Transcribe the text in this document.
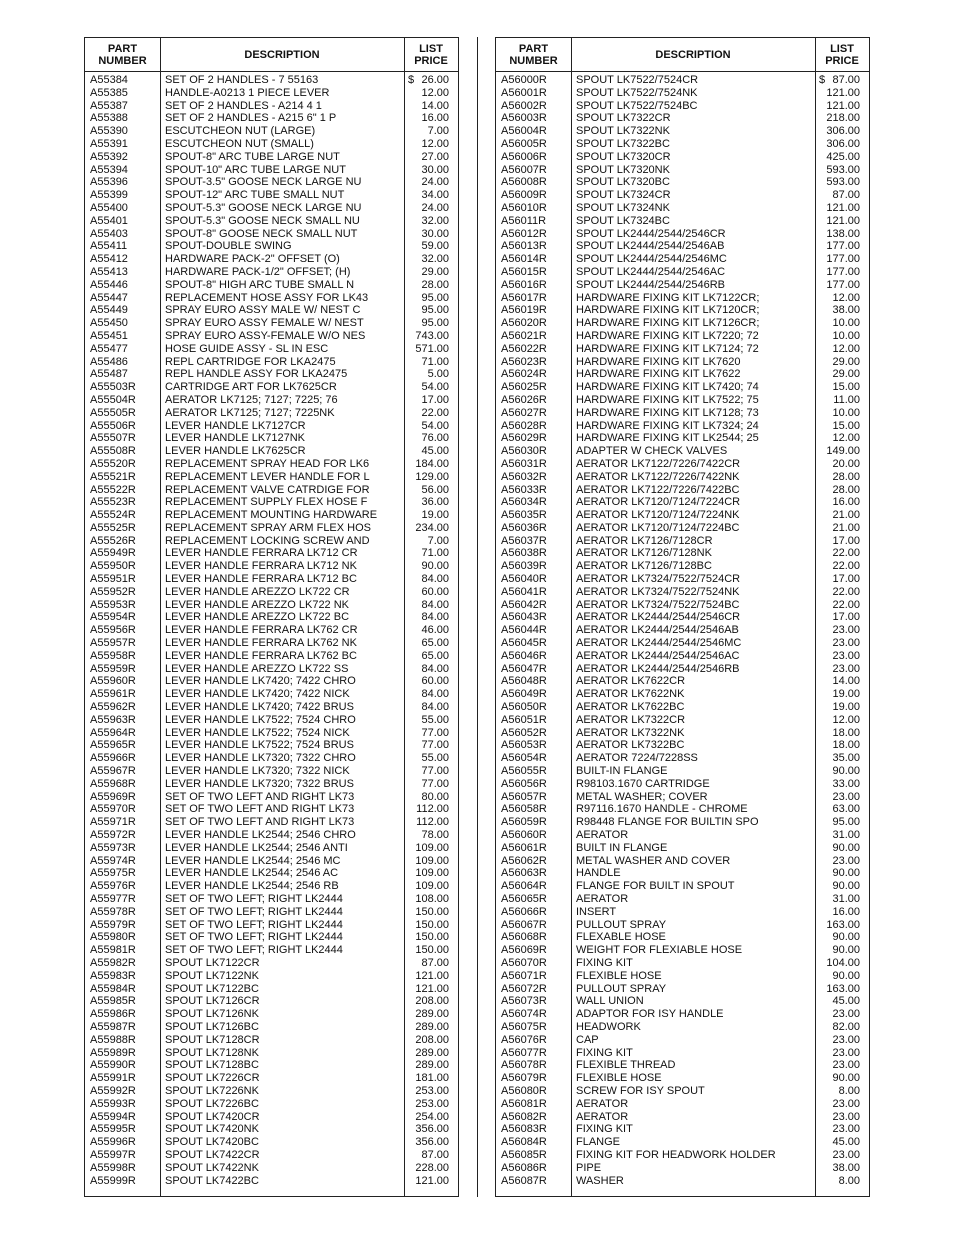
PART NUMBER	DESCRIPTION	LIST PRICE
A55384	SET OF 2 HANDLES - 7 55163	26.00
$
A55385	HANDLE-A0213 1 PIECE LEVER	12.00
A55387	SET OF 2 HANDLES - A214 4 1	14.00
A55388	SET OF 2 HANDLES - A215 6" 1 P	16.00
A55390	ESCUTCHEON NUT (LARGE)	7.00
A55391	ESCUTCHEON NUT (SMALL)	12.00
A55392	SPOUT-8" ARC TUBE LARGE NUT	27.00
A55394	SPOUT-10" ARC TUBE LARGE NUT	30.00
A55396	SPOUT-3.5" GOOSE NECK LARGE NU	24.00
A55399	SPOUT-12" ARC TUBE SMALL NUT	34.00
A55400	SPOUT-5.3" GOOSE NECK LARGE NU	24.00
A55401	SPOUT-5.3" GOOSE NECK SMALL NU	32.00
A55403	SPOUT-8" GOOSE NECK SMALL NUT	30.00
A55411	SPOUT-DOUBLE SWING	59.00
A55412	HARDWARE PACK-2" OFFSET (O)	32.00
A55413	HARDWARE PACK-1/2" OFFSET; (H)	29.00
A55446	SPOUT-8" HIGH ARC TUBE SMALL N	28.00
A55447	REPLACEMENT HOSE ASSY FOR LK43	95.00
A55449	SPRAY EURO ASSY MALE W/ NEST C	95.00
A55450	SPRAY EURO ASSY FEMALE W/ NEST	95.00
A55451	SPRAY EURO ASSY-FEMALE W/O NES	743.00
A55477	HOSE GUIDE ASSY - SL IN ESC	571.00
A55486	REPL CARTRIDGE FOR LKA2475	71.00
A55487	REPL HANDLE ASSY FOR LKA2475	5.00
A55503R	CARTRIDGE ART FOR LK7625CR	54.00
A55504R	AERATOR LK7125; 7127; 7225; 76	17.00
A55505R	AERATOR LK7125; 7127; 7225NK	22.00
A55506R	LEVER HANDLE LK7127CR	54.00
A55507R	LEVER HANDLE LK7127NK	76.00
A55508R	LEVER HANDLE LK7625CR	45.00
A55520R	REPLACEMENT SPRAY HEAD FOR LK6	184.00
A55521R	REPLACEMENT LEVER HANDLE FOR L	129.00
A55522R	REPLACEMENT VALVE CATRDIGE FOR	56.00
A55523R	REPLACEMENT SUPPLY FLEX HOSE F	36.00
A55524R	REPLACEMENT MOUNTING HARDWARE	19.00
A55525R	REPLACEMENT SPRAY ARM FLEX HOS	234.00
A55526R	REPLACEMENT LOCKING SCREW AND	7.00
A55949R	LEVER HANDLE FERRARA LK712 CR	71.00
A55950R	LEVER HANDLE FERRARA LK712 NK	90.00
A55951R	LEVER HANDLE FERRARA LK712 BC	84.00
A55952R	LEVER HANDLE AREZZO LK722 CR	60.00
A55953R	LEVER HANDLE AREZZO LK722 NK	84.00
A55954R	LEVER HANDLE AREZZO LK722 BC	84.00
A55956R	LEVER HANDLE FERRARA LK762 CR	46.00
A55957R	LEVER HANDLE FERRARA LK762 NK	65.00
A55958R	LEVER HANDLE FERRARA LK762 BC	65.00
A55959R	LEVER HANDLE AREZZO LK722 SS	84.00
A55960R	LEVER HANDLE LK7420; 7422 CHRO	60.00
A55961R	LEVER HANDLE LK7420; 7422 NICK	84.00
A55962R	LEVER HANDLE LK7420; 7422 BRUS	84.00
A55963R	LEVER HANDLE LK7522; 7524 CHRO	55.00
A55964R	LEVER HANDLE LK7522; 7524 NICK	77.00
A55965R	LEVER HANDLE LK7522; 7524 BRUS	77.00
A55966R	LEVER HANDLE LK7320; 7322 CHRO	55.00
A55967R	LEVER HANDLE LK7320; 7322 NICK	77.00
A55968R	LEVER HANDLE LK7320; 7322 BRUS	77.00
A55969R	SET OF TWO LEFT AND RIGHT LK73	80.00
A55970R	SET OF TWO LEFT AND RIGHT LK73	112.00
A55971R	SET OF TWO LEFT AND RIGHT LK73	112.00
A55972R	LEVER HANDLE LK2544; 2546 CHRO	78.00
A55973R	LEVER HANDLE LK2544; 2546 ANTI	109.00
A55974R	LEVER HANDLE LK2544; 2546 MC	109.00
A55975R	LEVER HANDLE LK2544; 2546 AC	109.00
A55976R	LEVER HANDLE LK2544; 2546 RB	109.00
A55977R	SET OF TWO LEFT; RIGHT LK2444	108.00
A55978R	SET OF TWO LEFT; RIGHT LK2444	150.00
A55979R	SET OF TWO LEFT; RIGHT LK2444	150.00
A55980R	SET OF TWO LEFT; RIGHT LK2444	150.00
A55981R	SET OF TWO LEFT; RIGHT LK2444	150.00
A55982R	SPOUT LK7122CR	87.00
A55983R	SPOUT LK7122NK	121.00
A55984R	SPOUT LK7122BC	121.00
A55985R	SPOUT LK7126CR	208.00
A55986R	SPOUT LK7126NK	289.00
A55987R	SPOUT LK7126BC	289.00
A55988R	SPOUT LK7128CR	208.00
A55989R	SPOUT LK7128NK	289.00
A55990R	SPOUT LK7128BC	289.00
A55991R	SPOUT LK7226CR	181.00
A55992R	SPOUT LK7226NK	253.00
A55993R	SPOUT LK7226BC	253.00
A55994R	SPOUT LK7420CR	254.00
A55995R	SPOUT LK7420NK	356.00
A55996R	SPOUT LK7420BC	356.00
A55997R	SPOUT LK7422CR	87.00
A55998R	SPOUT LK7422NK	228.00
A55999R	SPOUT LK7422BC	121.00
PART NUMBER	DESCRIPTION	LIST PRICE
A56000R	SPOUT LK7522/7524CR	87.00
$
A56001R	SPOUT LK7522/7524NK	121.00
A56002R	SPOUT LK7522/7524BC	121.00
A56003R	SPOUT LK7322CR	218.00
A56004R	SPOUT LK7322NK	306.00
A56005R	SPOUT LK7322BC	306.00
A56006R	SPOUT LK7320CR	425.00
A56007R	SPOUT LK7320NK	593.00
A56008R	SPOUT LK7320BC	593.00
A56009R	SPOUT LK7324CR	87.00
A56010R	SPOUT LK7324NK	121.00
A56011R	SPOUT LK7324BC	121.00
A56012R	SPOUT LK2444/2544/2546CR	138.00
A56013R	SPOUT LK2444/2544/2546AB	177.00
A56014R	SPOUT LK2444/2544/2546MC	177.00
A56015R	SPOUT LK2444/2544/2546AC	177.00
A56016R	SPOUT LK2444/2544/2546RB	177.00
A56017R	HARDWARE FIXING KIT LK7122CR;	12.00
A56019R	HARDWARE FIXING KIT LK7120CR;	38.00
A56020R	HARDWARE FIXING KIT LK7126CR;	10.00
A56021R	HARDWARE FIXING KIT LK7220; 72	10.00
A56022R	HARDWARE FIXING KIT LK7124; 72	12.00
A56023R	HARDWARE FIXING KIT LK7620	29.00
A56024R	HARDWARE FIXING KIT LK7622	29.00
A56025R	HARDWARE FIXING KIT LK7420; 74	15.00
A56026R	HARDWARE FIXING KIT LK7522; 75	11.00
A56027R	HARDWARE FIXING KIT LK7128; 73	10.00
A56028R	HARDWARE FIXING KIT LK7324; 24	15.00
A56029R	HARDWARE FIXING KIT LK2544; 25	12.00
A56030R	ADAPTER W CHECK VALVES	149.00
A56031R	AERATOR LK7122/7226/7422CR	20.00
A56032R	AERATOR LK7122/7226/7422NK	28.00
A56033R	AERATOR LK7122/7226/7422BC	28.00
A56034R	AERATOR LK7120/7124/7224CR	16.00
A56035R	AERATOR LK7120/7124/7224NK	21.00
A56036R	AERATOR LK7120/7124/7224BC	21.00
A56037R	AERATOR LK7126/7128CR	17.00
A56038R	AERATOR LK7126/7128NK	22.00
A56039R	AERATOR LK7126/7128BC	22.00
A56040R	AERATOR LK7324/7522/7524CR	17.00
A56041R	AERATOR LK7324/7522/7524NK	22.00
A56042R	AERATOR LK7324/7522/7524BC	22.00
A56043R	AERATOR LK2444/2544/2546CR	17.00
A56044R	AERATOR LK2444/2544/2546AB	23.00
A56045R	AERATOR LK2444/2544/2546MC	23.00
A56046R	AERATOR LK2444/2544/2546AC	23.00
A56047R	AERATOR LK2444/2544/2546RB	23.00
A56048R	AERATOR LK7622CR	14.00
A56049R	AERATOR LK7622NK	19.00
A56050R	AERATOR LK7622BC	19.00
A56051R	AERATOR LK7322CR	12.00
A56052R	AERATOR LK7322NK	18.00
A56053R	AERATOR LK7322BC	18.00
A56054R	AERATOR 7224/7228SS	35.00
A56055R	BUILT-IN FLANGE	90.00
A56056R	R98103.1670 CARTRIDGE	33.00
A56057R	METAL WASHER; COVER	23.00
A56058R	R97116.1670 HANDLE - CHROME	63.00
A56059R	R98448 FLANGE FOR BUILTIN SPO	95.00
A56060R	AERATOR	31.00
A56061R	BUILT IN FLANGE	90.00
A56062R	METAL WASHER AND COVER	23.00
A56063R	HANDLE	90.00
A56064R	FLANGE FOR BUILT IN SPOUT	90.00
A56065R	AERATOR	31.00
A56066R	INSERT	16.00
A56067R	PULLOUT SPRAY	163.00
A56068R	FLEXABLE HOSE	90.00
A56069R	WEIGHT FOR FLEXIABLE HOSE	90.00
A56070R	FIXING KIT	104.00
A56071R	FLEXIBLE HOSE	90.00
A56072R	PULLOUT SPRAY	163.00
A56073R	WALL UNION	45.00
A56074R	ADAPTOR FOR ISY HANDLE	23.00
A56075R	HEADWORK	82.00
A56076R	CAP	23.00
A56077R	FIXING KIT	23.00
A56078R	FLEXIBLE THREAD	23.00
A56079R	FLEXIBLE HOSE	90.00
A56080R	SCREW FOR ISY SPOUT	8.00
A56081R	AERATOR	23.00
A56082R	AERATOR	23.00
A56083R	FIXING KIT	23.00
A56084R	FLANGE	45.00
A56085R	FIXING KIT FOR HEADWORK HOLDER	23.00
A56086R	PIPE	38.00
A56087R	WASHER	8.00
